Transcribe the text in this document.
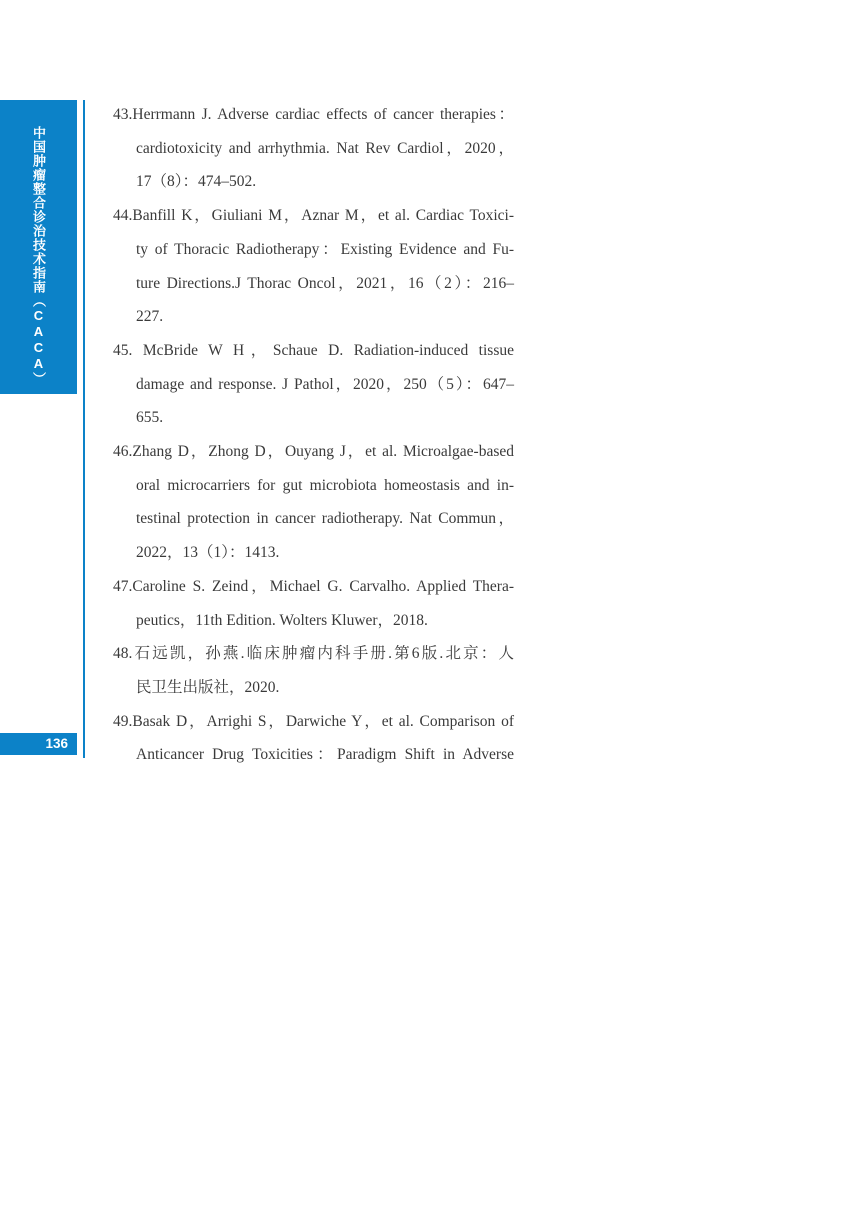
中国肿瘤整合诊治技术指南（CACA）
136
43.Herrmann J. Adverse cardiac effects of cancer therapies：
cardiotoxicity and arrhythmia. Nat Rev Cardiol，2020，
17（8）：474–502.
44.Banfill K，Giuliani M，Aznar M，et al. Cardiac Toxici-
ty of Thoracic Radiotherapy：Existing Evidence and Fu-
ture Directions.J Thorac Oncol，2021，16（2）：216–
227.
45. McBride W H，Schaue D. Radiation-induced tissue
damage and response. J Pathol，2020，250（5）：647–
655.
46.Zhang D，Zhong D，Ouyang J，et al. Microalgae-based
oral microcarriers for gut microbiota homeostasis and in-
testinal protection in cancer radiotherapy. Nat Commun，
2022，13（1）：1413.
47.Caroline S. Zeind，Michael G. Carvalho. Applied Thera-
peutics，11th Edition. Wolters Kluwer，2018.
48.石远凯，孙燕.临床肿瘤内科手册.第6版.北京：人
民卫生出版社，2020.
49.Basak D，Arrighi S，Darwiche Y，et al. Comparison of
Anticancer Drug Toxicities：Paradigm Shift in Adverse
